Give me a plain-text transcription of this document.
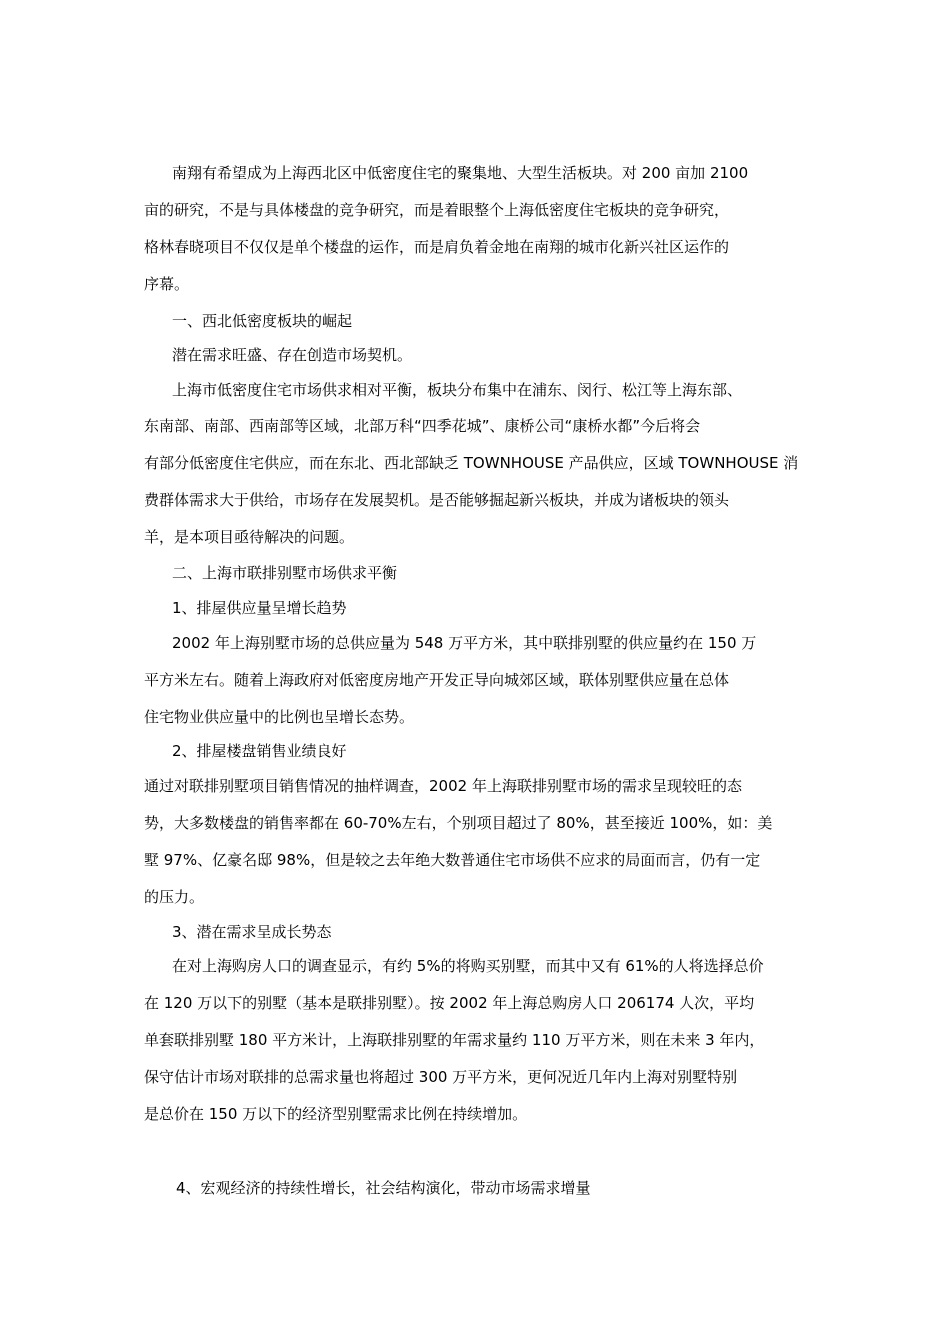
南翔有希望成为上海西北区中低密度住宅的聚集地、大型生活板块。对 200 亩加 2100
亩的研究，不是与具体楼盘的竞争研究，而是着眼整个上海低密度住宅板块的竞争研究，
格林春晓项目不仅仅是单个楼盘的运作，而是肩负着金地在南翔的城市化新兴社区运作的
序幕。
一、西北低密度板块的崛起
潜在需求旺盛、存在创造市场契机。
上海市低密度住宅市场供求相对平衡，板块分布集中在浦东、闵行、松江等上海东部、
东南部、南部、西南部等区域，北部万科“四季花城”、康桥公司“康桥水都”今后将会
有部分低密度住宅供应，而在东北、西北部缺乏 TOWNHOUSE 产品供应，区域 TOWNHOUSE 消
费群体需求大于供给，市场存在发展契机。是否能够掘起新兴板块，并成为诸板块的领头
羊，是本项目亟待解决的问题。
二、上海市联排别墅市场供求平衡
1、排屋供应量呈增长趋势
2002 年上海别墅市场的总供应量为 548 万平方米，其中联排别墅的供应量约在 150 万
平方米左右。随着上海政府对低密度房地产开发正导向城郊区域，联体别墅供应量在总体
住宅物业供应量中的比例也呈增长态势。
2、排屋楼盘销售业绩良好
通过对联排别墅项目销售情况的抽样调查，2002 年上海联排别墅市场的需求呈现较旺的态
势，大多数楼盘的销售率都在 60-70%左右，个别项目超过了 80%，甚至接近 100%，如：美
墅 97%、亿豪名邸 98%，但是较之去年绝大数普通住宅市场供不应求的局面而言，仍有一定
的压力。
3、潜在需求呈成长势态
在对上海购房人口的调查显示，有约 5%的将购买别墅，而其中又有 61%的人将选择总价
在 120 万以下的别墅（基本是联排别墅）。按 2002 年上海总购房人口 206174 人次，平均
单套联排别墅 180 平方米计，上海联排别墅的年需求量约 110 万平方米，则在未来 3 年内，
保守估计市场对联排的总需求量也将超过 300 万平方米，更何况近几年内上海对别墅特别
是总价在 150 万以下的经济型别墅需求比例在持续增加。
4、宏观经济的持续性增长，社会结构演化，带动市场需求增量
